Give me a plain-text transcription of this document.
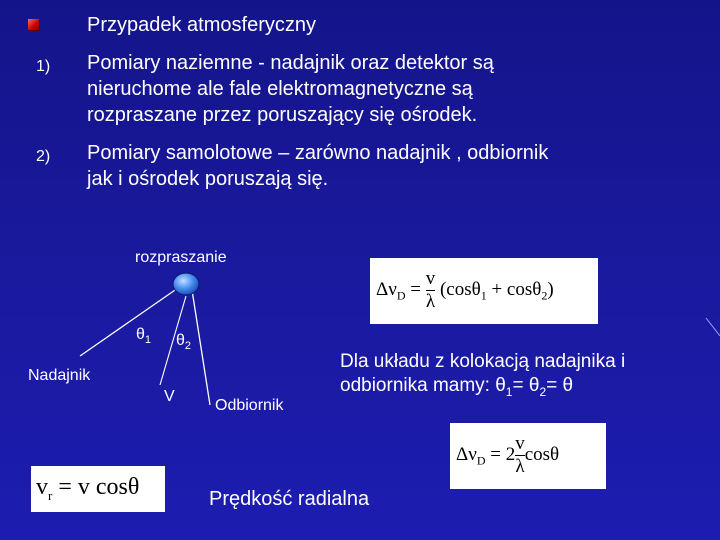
Przypadek atmosferyczny
1) Pomiary naziemne - nadajnik oraz detektor są
nieruchome ale fale elektromagnetyczne są
rozpraszane przez poruszający się ośrodek.
2) Pomiary samolotowe – zarówno nadajnik , odbiornik
jak i ośrodek poruszają się.
rozpraszanie
$\theta_1$ $\theta_2$
Nadajnik
V
Odbiornik
$\Delta\nu_D = \frac{v}{\lambda} (\cos\theta_1 + \cos\theta_2)$
Dla układu z kolokacją nadajnika i
odbiornika mamy: $\theta_1= \theta_2= \theta$
$\Delta\nu_D = 2 \frac{v}{\lambda}$ cosθ
$v_r = v$ cosθ	Prędkość radialna
